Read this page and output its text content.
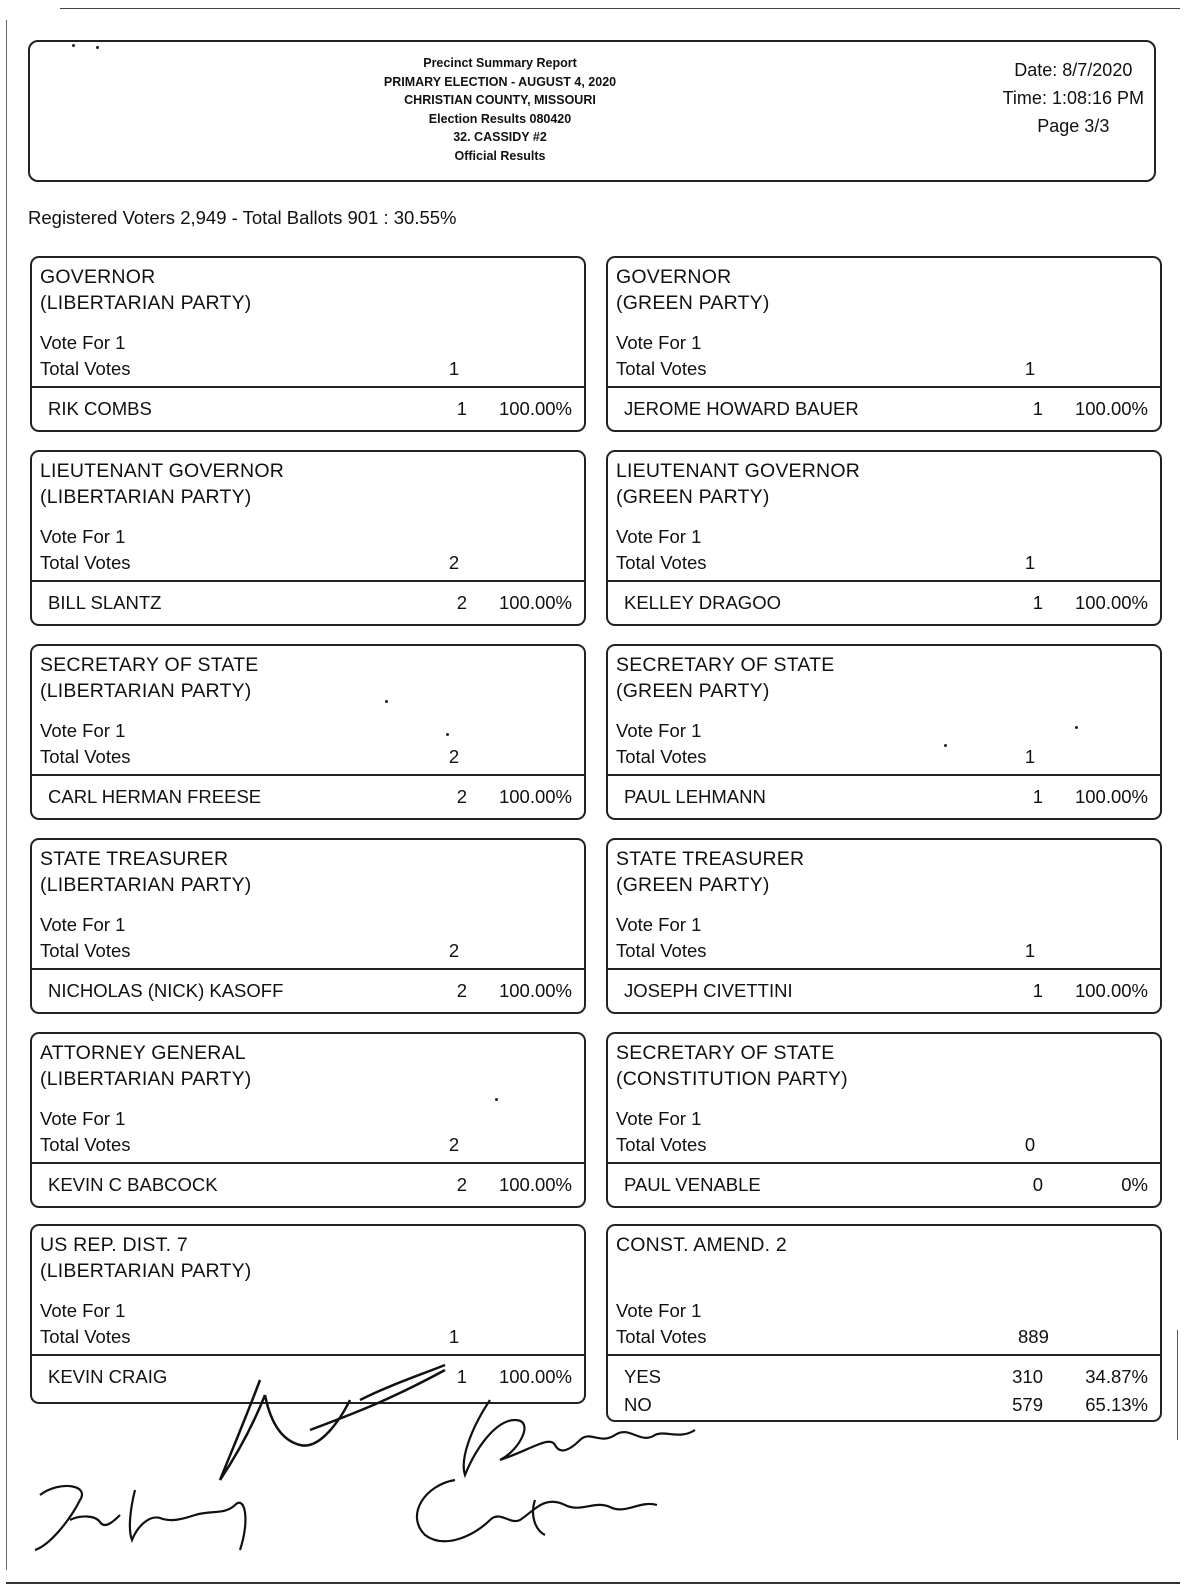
Precinct Summary Report
PRIMARY ELECTION - AUGUST 4, 2020
CHRISTIAN COUNTY, MISSOURI
Election Results 080420
32. CASSIDY #2
Official Results
Date: 8/7/2020
Time: 1:08:16 PM
Page 3/3
Registered Voters 2,949 - Total Ballots 901 : 30.55%
GOVERNOR
(LIBERTARIAN PARTY)
Vote For 1
Total Votes	1
RIK COMBS	1 100.00%
GOVERNOR
(GREEN PARTY)
Vote For 1
Total Votes	1
JEROME HOWARD BAUER	1 100.00%
LIEUTENANT GOVERNOR
(LIBERTARIAN PARTY)
Vote For 1
Total Votes	2
BILL SLANTZ	2 100.00%
LIEUTENANT GOVERNOR
(GREEN PARTY)
Vote For 1
Total Votes	1
KELLEY DRAGOO	1 100.00%
SECRETARY OF STATE
(LIBERTARIAN PARTY)
Vote For 1
Total Votes	2
CARL HERMAN FREESE	2 100.00%
SECRETARY OF STATE
(GREEN PARTY)
Vote For 1
Total Votes	1
PAUL LEHMANN	1 100.00%
STATE TREASURER
(LIBERTARIAN PARTY)
Vote For 1
Total Votes	2
NICHOLAS (NICK) KASOFF	2 100.00%
STATE TREASURER
(GREEN PARTY)
Vote For 1
Total Votes	1
JOSEPH CIVETTINI	1 100.00%
ATTORNEY GENERAL
(LIBERTARIAN PARTY)
Vote For 1
Total Votes	2
KEVIN C BABCOCK	2 100.00%
SECRETARY OF STATE
(CONSTITUTION PARTY)
Vote For 1
Total Votes	0
PAUL VENABLE	0	0%
US REP. DIST. 7
(LIBERTARIAN PARTY)
Vote For 1
Total Votes	1
KEVIN CRAIG	1 100.00%
CONST. AMEND. 2
Vote For 1
Total Votes	889
YES	310 34.87%
NO	579 65.13%
